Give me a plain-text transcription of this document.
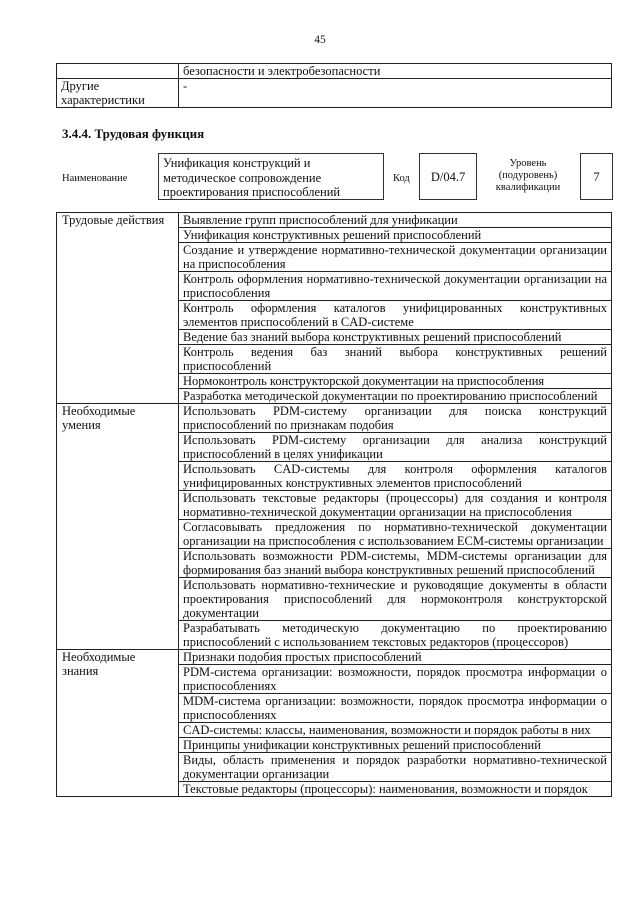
45
	безопасности и электробезопасности
Другие характеристики	-
3.4.4. Трудовая функция
Наименование
Унификация конструкций и методическое сопровождение проектирования приспособлений
Код	D/04.7
Уровень (подуровень) квалификации
7
Трудовые действия	Выявление групп приспособлений для унификации
	Унификация конструктивных решений приспособлений
	Создание и утверждение нормативно-технической документации организации на приспособления
	Контроль оформления нормативно-технической документации организации на приспособления
	Контроль оформления каталогов унифицированных конструктивных элементов приспособлений в CAD-системе
	Ведение баз знаний выбора конструктивных решений приспособлений
	Контроль ведения баз знаний выбора конструктивных решений приспособлений
	Нормоконтроль конструкторской документации на приспособления
	Разработка методической документации по проектированию приспособлений
Необходимые умения	Использовать PDM-систему организации для поиска конструкций приспособлений по признакам подобия
	Использовать PDM-систему организации для анализа конструкций приспособлений в целях унификации
	Использовать CAD-системы для контроля оформления каталогов унифицированных конструктивных элементов приспособлений
	Использовать текстовые редакторы (процессоры) для создания и контроля нормативно-технической документации организации на приспособления
	Согласовывать предложения по нормативно-технической документации организации на приспособления с использованием ECM-системы организации
	Использовать возможности PDM-системы, MDM-системы организации для формирования баз знаний выбора конструктивных решений приспособлений
	Использовать нормативно-технические и руководящие документы в области проектирования приспособлений для нормоконтроля конструкторской документации
	Разрабатывать методическую документацию по проектированию приспособлений с использованием текстовых редакторов (процессоров)
Необходимые знания	Признаки подобия простых приспособлений
	PDM-система организации: возможности, порядок просмотра информации о приспособлениях
	MDM-система организации: возможности, порядок просмотра информации о приспособлениях
	CAD-системы: классы, наименования, возможности и порядок работы в них
	Принципы унификации конструктивных решений приспособлений
	Виды, область применения и порядок разработки нормативно-технической документации организации
	Текстовые редакторы (процессоры): наименования, возможности и порядок
